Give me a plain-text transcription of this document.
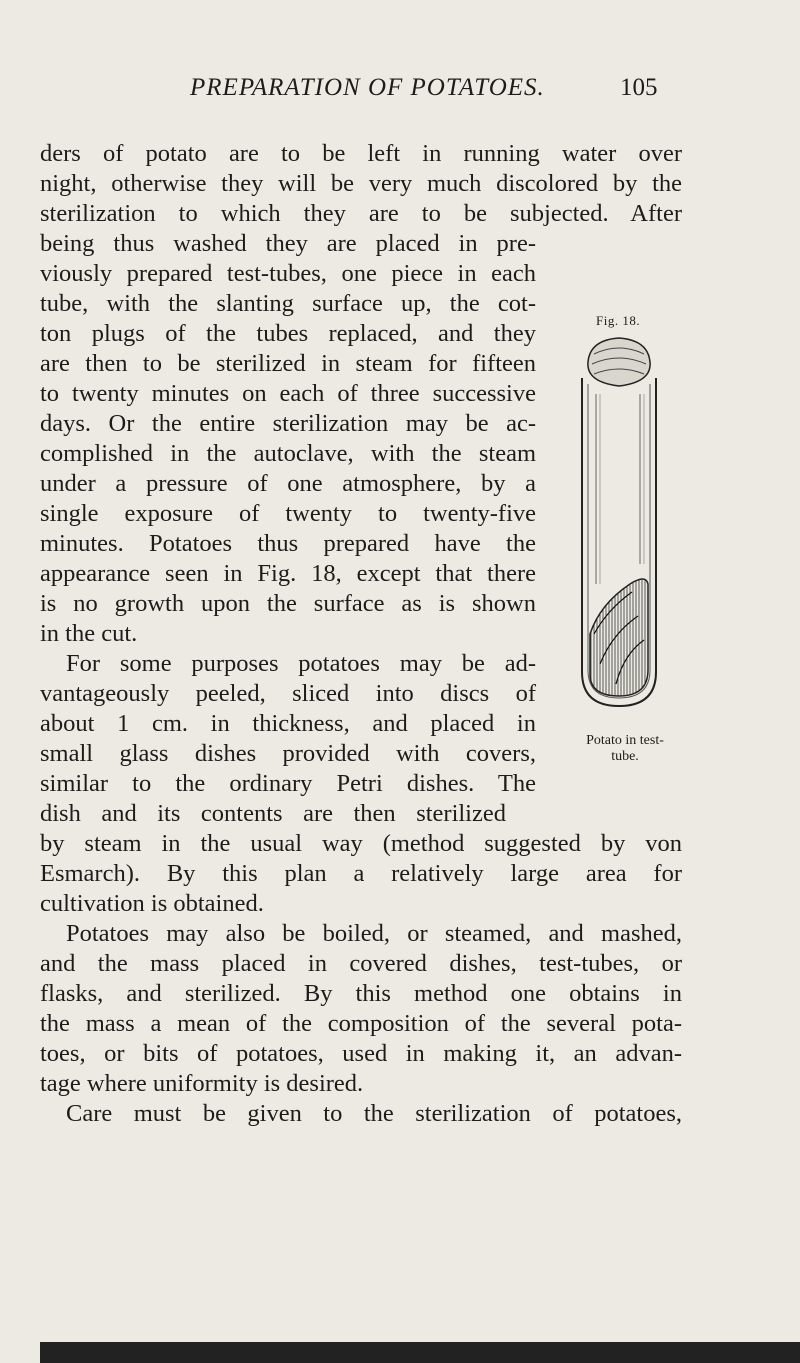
PREPARATION OF POTATOES.	105
ders of potato are to be left in running water over
night, otherwise they will be very much discolored by the
sterilization to which they are to be subjected. After
being thus washed they are placed in pre-
viously prepared test-tubes, one piece in each
tube, with the slanting surface up, the cot-
ton plugs of the tubes replaced, and they
are then to be sterilized in steam for fifteen
to twenty minutes on each of three successive
days. Or the entire sterilization may be ac-
complished in the autoclave, with the steam
under a pressure of one atmosphere, by a
single exposure of twenty to twenty-five
minutes. Potatoes thus prepared have the
appearance seen in Fig. 18, except that there
is no growth upon the surface as is shown
in the cut.
For some purposes potatoes may be ad-
vantageously peeled, sliced into discs of
about 1 cm. in thickness, and placed in
small glass dishes provided with covers,
similar to the ordinary Petri dishes. The
dish and its contents are then sterilized
by steam in the usual way (method suggested by von
Esmarch). By this plan a relatively large area for
cultivation is obtained.
Potatoes may also be boiled, or steamed, and mashed,
and the mass placed in covered dishes, test-tubes, or
flasks, and sterilized. By this method one obtains in
the mass a mean of the composition of the several pota-
toes, or bits of potatoes, used in making it, an advan-
tage where uniformity is desired.
Care must be given to the sterilization of potatoes,
Fig. 18.
Potato in test-tube.
